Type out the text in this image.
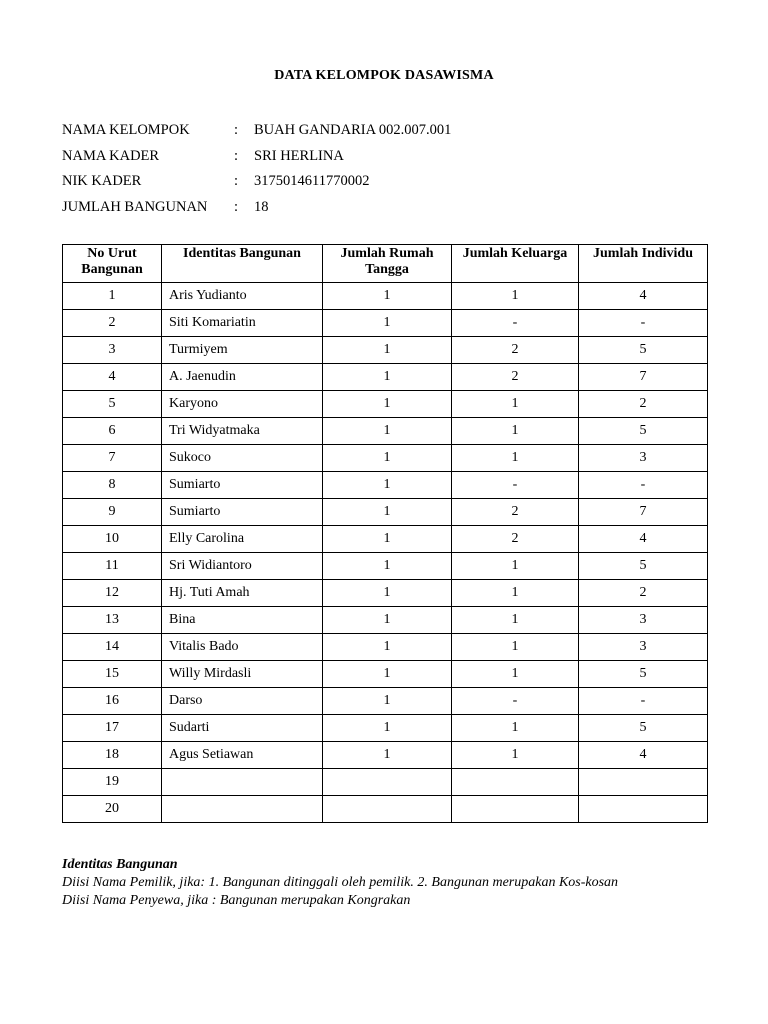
DATA KELOMPOK DASAWISMA
NAMA KELOMPOK	:	BUAH GANDARIA 002.007.001
NAMA KADER	:	SRI HERLINA
NIK KADER	:	3175014611770002
JUMLAH BANGUNAN	:	18
No Urut Bangunan	Identitas Bangunan	Jumlah Rumah Tangga	Jumlah Keluarga	Jumlah Individu
1	Aris Yudianto	1	1	4
2	Siti Komariatin	1	-	-
3	Turmiyem	1	2	5
4	A. Jaenudin	1	2	7
5	Karyono	1	1	2
6	Tri Widyatmaka	1	1	5
7	Sukoco	1	1	3
8	Sumiarto	1	-	-
9	Sumiarto	1	2	7
10	Elly Carolina	1	2	4
11	Sri Widiantoro	1	1	5
12	Hj. Tuti Amah	1	1	2
13	Bina	1	1	3
14	Vitalis Bado	1	1	3
15	Willy Mirdasli	1	1	5
16	Darso	1	-	-
17	Sudarti	1	1	5
18	Agus Setiawan	1	1	4
19				
20				
Identitas Bangunan
Diisi Nama Pemilik, jika: 1. Bangunan ditinggali oleh pemilik. 2. Bangunan merupakan Kos-kosan
Diisi Nama Penyewa, jika : Bangunan merupakan Kongrakan
